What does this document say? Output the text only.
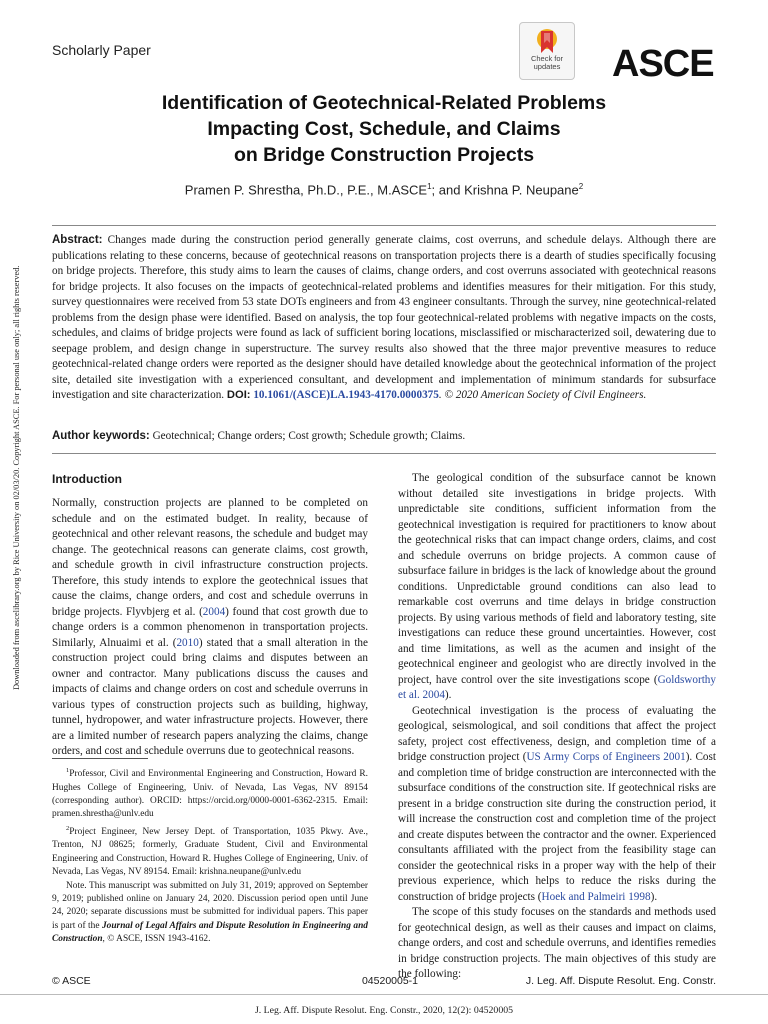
Scholarly Paper
Check for updates	ASCE
Identification of Geotechnical-Related Problems
Impacting Cost, Schedule, and Claims
on Bridge Construction Projects
Pramen P. Shrestha, Ph.D., P.E., M.ASCE$^1$; and Krishna P. Neupane$^2$
Abstract: Changes made during the construction period generally generate claims, cost overruns, and schedule delays. Although there are publications relating to these concerns, because of geotechnical reasons on transportation projects there is a dearth of studies specifically focusing on bridge projects. Therefore, this study aims to learn the causes of claims, change orders, and cost overruns associated with geotechnical reasons for bridge projects. It also focuses on the impacts of geotechnical-related problems and identifies measures for their mitigation. For this study, survey questionnaires were received from 53 state DOTs engineers and from 43 engineer consultants. Through the survey, nine geotechnical-related problems from the design phase were identified. Based on analysis, the top four geotechnical-related problems with negative impacts on the costs, schedules, and claims of bridge projects were found as lack of sufficient boring locations, misclassified or mischaracterized soil, dewatering due to seepage problem, and design change in superstructure. The survey results also showed that the three major preventive measures to reduce geotechnical-related change orders were reported as the designer should have detailed knowledge about the geotechnical information of the project site, detailed site investigation with a experienced consultant, and development and implementation of minimum standards for subsurface investigation and site characterization. DOI: 10.1061/(ASCE)LA.1943-4170.0000375. © 2020 American Society of Civil Engineers.
Author keywords: Geotechnical; Change orders; Cost growth; Schedule growth; Claims.
Downloaded from ascelibrary.org by Rice University on 02/03/20. Copyright ASCE. For personal use only; all rights reserved.	Introduction

Normally, construction projects are planned to be completed on schedule and on the estimated budget. In reality, because of geotechnical and other relevant reasons, the schedule and budget may change. The geotechnical reasons can generate claims, cost growth, and schedule growth in civil infrastructure construction projects. Therefore, this study intends to explore the geotechnical issues that cause the claims, change orders, and cost and schedule overruns in bridge projects. Flyvbjerg et al. (2004) found that cost growth due to change orders is a common phenomenon in transportation projects. Similarly, Alnuaimi et al. (2010) stated that a small alteration in the construction project could bring claims and disputes between an owner and contractor. Many publications discuss the causes and impacts of claims and change orders on cost and schedule overruns in various types of construction projects such as building, highway, tunnel, hydropower, and water infrastructure projects. However, there are a limited number of research papers analyzing the claims, change orders, and cost and schedule overruns due to geotechnical reasons.

$^1$Professor, Civil and Environmental Engineering and Construction, Howard R. Hughes College of Engineering, Univ. of Nevada, Las Vegas, NV 89154 (corresponding author). ORCID: https://orcid.org/0000-0001-6362-2315. Email: pramen.shrestha@unlv.edu

$^2$Project Engineer, New Jersey Dept. of Transportation, 1035 Pkwy. Ave., Trenton, NJ 08625; formerly, Graduate Student, Civil and Environmental Engineering and Construction, Howard R. Hughes College of Engineering, Univ. of Nevada, Las Vegas, NV 89154. Email: krishna.neupane@unlv.edu

Note. This manuscript was submitted on July 31, 2019; approved on September 9, 2019; published online on January 24, 2020. Discussion period open until June 24, 2020; separate discussions must be submitted for individual papers. This paper is part of the Journal of Legal Affairs and Dispute Resolution in Engineering and Construction, © ASCE, ISSN 1943-4162.

The geological condition of the subsurface cannot be known without detailed site investigations in bridge projects. With unpredictable site conditions, sufficient information from the geotechnical investigation is required for practitioners to know about the geotechnical risks that can impact change orders, claims, and cost and schedule overruns on bridge projects. A common cause of subsurface failure in bridges is the lack of knowledge about the ground conditions. Unpredictable ground conditions can also lead to remarkable cost overruns and time delays in bridge construction projects. By using various methods of field and laboratory testing, site investigations can reduce these ground uncertainties. However, cost and time limitations, as well as the acumen and insight of the geotechnical engineer and geologist who are directly involved in the project, have control over the site investigations scope (Goldsworthy et al. 2004).

Geotechnical investigation is the process of evaluating the geological, seismological, and soil conditions that affect the project safety, project cost effectiveness, design, and completion time of a bridge construction project (US Army Corps of Engineers 2001). Cost and completion time of bridge construction are interconnected with the subsurface conditions of the construction site. If geotechnical risks are present in a bridge construction site during the construction period, it will increase the construction cost and completion time of the project and create disputes between the contractor and the owner. Experienced consultants affiliated with the project from the feasibility stage can consider the geotechnical risks in a proper way with the help of their previous experience, which helps to reduce the risks during the construction of bridge projects (Hoek and Palmeiri 1998).

The scope of this study focuses on the standards and methods used for geotechnical design, as well as their causes and impact on claims, change orders, and cost and schedule overruns, and identifies remedies in bridge construction projects. The main objectives of this study are the following:

© ASCE	04520005-1	J. Leg. Aff. Dispute Resolut. Eng. Constr.
J. Leg. Aff. Dispute Resolut. Eng. Constr., 2020, 12(2): 04520005
